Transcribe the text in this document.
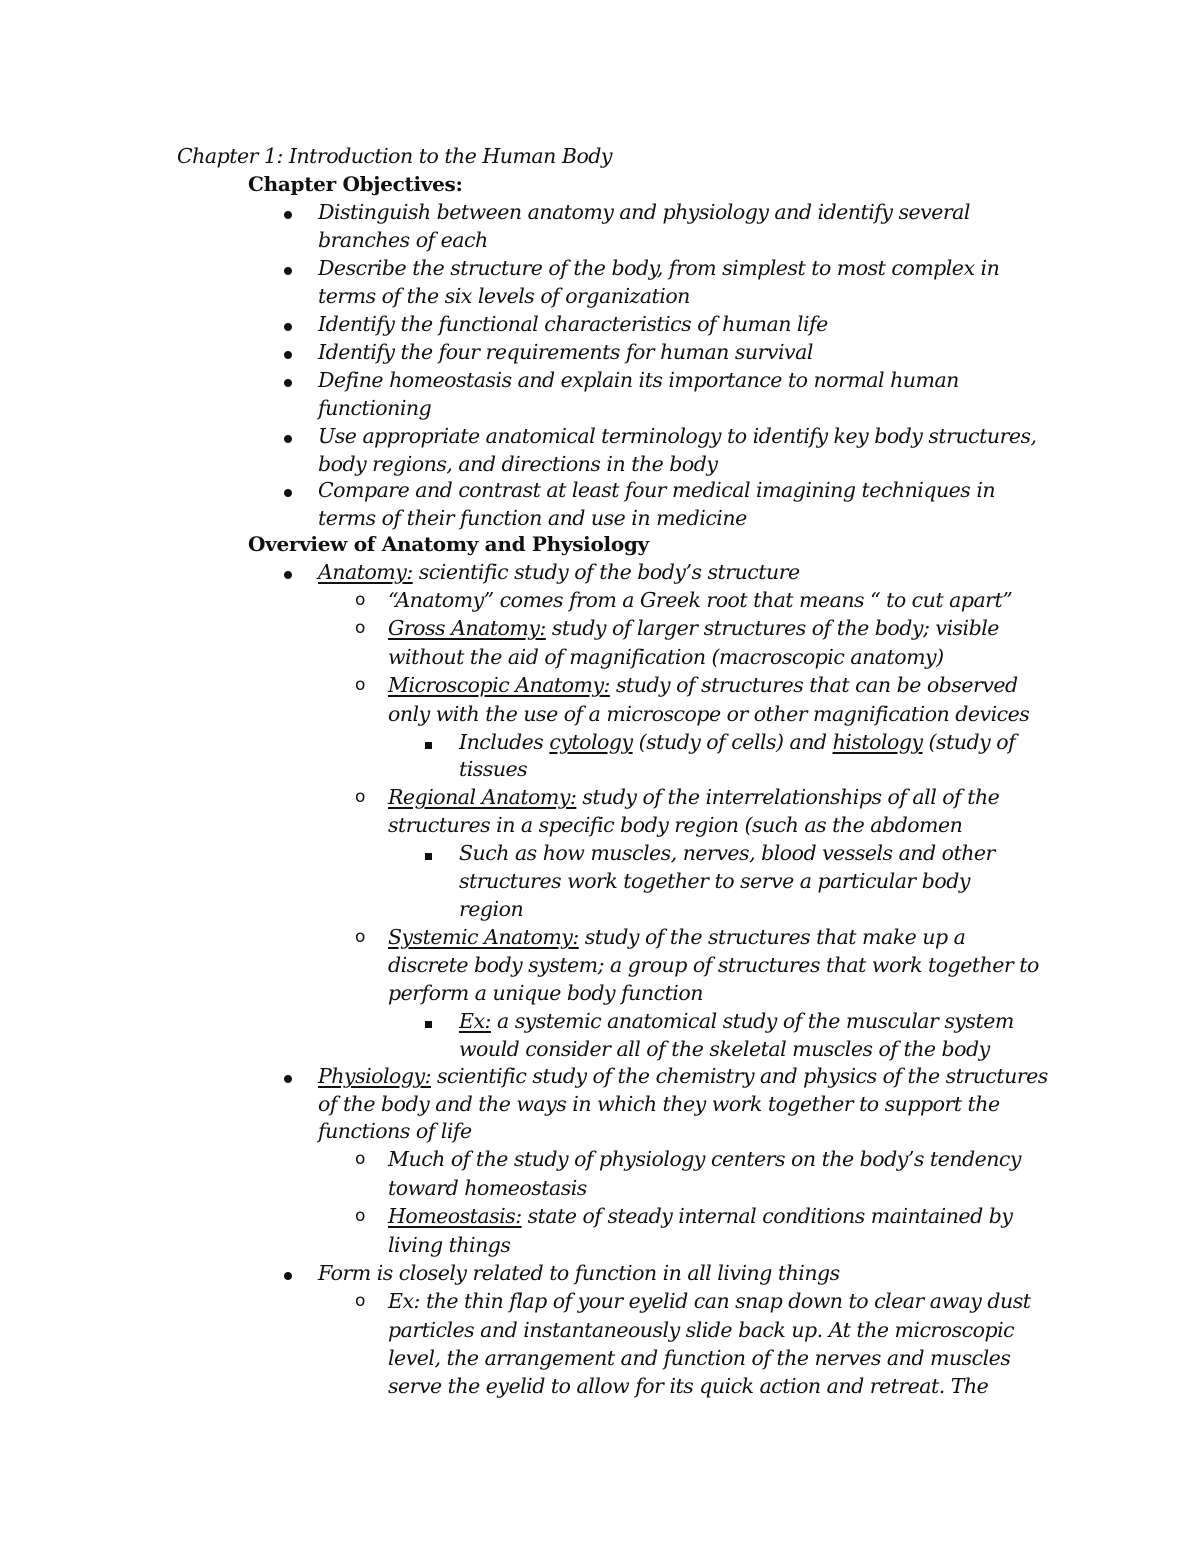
Chapter 1: Introduction to the Human Body
Chapter Objectives:
Distinguish between anatomy and physiology and identify several
branches of each
Describe the structure of the body, from simplest to most complex in
terms of the six levels of organization
Identify the functional characteristics of human life
Identify the four requirements for human survival
Define homeostasis and explain its importance to normal human
functioning
Use appropriate anatomical terminology to identify key body structures,
body regions, and directions in the body
Compare and contrast at least four medical imagining techniques in
terms of their function and use in medicine
Overview of Anatomy and Physiology
Anatomy: scientific study of the body’s structure
o “Anatomy” comes from a Greek root that means “ to cut apart”
o Gross Anatomy: study of larger structures of the body; visible
without the aid of magnification (macroscopic anatomy)
o Microscopic Anatomy: study of structures that can be observed
only with the use of a microscope or other magnification devices
Includes cytology (study of cells) and histology (study of
tissues
o Regional Anatomy: study of the interrelationships of all of the
structures in a specific body region (such as the abdomen
Such as how muscles, nerves, blood vessels and other
structures work together to serve a particular body
region
o Systemic Anatomy: study of the structures that make up a
discrete body system; a group of structures that work together to
perform a unique body function
Ex: a systemic anatomical study of the muscular system
would consider all of the skeletal muscles of the body
Physiology: scientific study of the chemistry and physics of the structures
of the body and the ways in which they work together to support the
functions of life
o Much of the study of physiology centers on the body’s tendency
toward homeostasis
o Homeostasis: state of steady internal conditions maintained by
living things
Form is closely related to function in all living things
o Ex: the thin flap of your eyelid can snap down to clear away dust
particles and instantaneously slide back up. At the microscopic
level, the arrangement and function of the nerves and muscles
serve the eyelid to allow for its quick action and retreat. The
